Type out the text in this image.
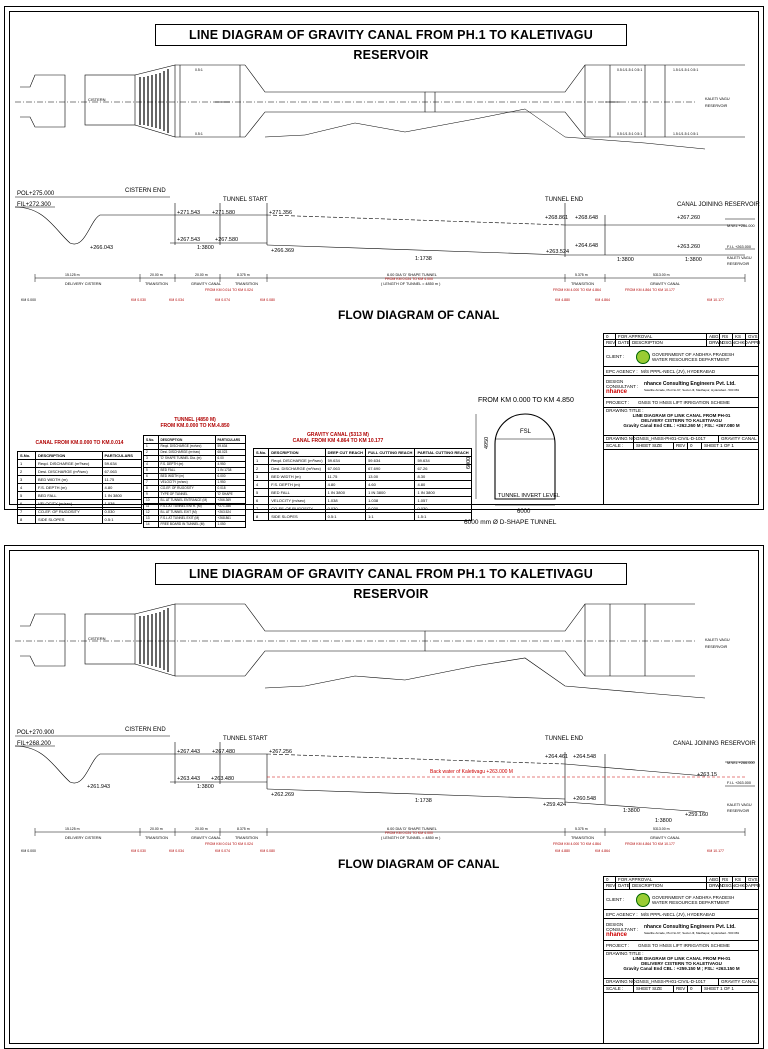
LINE DIAGRAM OF GRAVITY CANAL FROM PH.1 TO KALETIVAGU RESERVOIR
CISTERN
0.5:1
0.5:1
0.5:1/1.5:1 0.5:1
0.5:1/1.5:1 0.5:1
1.5:1/1.5:1 0.5:1
1.5:1/1.5:1 0.5:1
KALETI VAGU
RESERVOIR
POL+275.000
FIL+272.300
CISTERN END
TUNNEL START	TUNNEL END
CANAL JOINING RESERVOIR
+271.543 +271.580	+271.356
+268.861 +268.648	+267.260
+267.543	+267.580
+266.043	+266.369	+263.524
+264.648	+263.260
1:3800
1:1738	1:3800	1:3800
M.W.L +266.000
F.I.L +263.000
KALETI VAGU
RESERVOIR
15.125 m	20.00 m	20.00 m	8.375 m	5.375 m	5313.00 m
DELIVERY CISTERN	TRANSITION	GRAVITY CANAL	TRANSITION
6.00 DIA 'D' SHAPE TUNNEL
( LENGTH OF TUNNEL = 4850 m )	TRANSITION	GRAVITY CANAL
FROM KM 0.014 TO KM 0.024
FROM KM 0.024 TO KM 4.000
FROM KM 4.000 TO KM 4.864	FROM KM 4.864 TO KM 10.177
KM 0.000	KM 0.030	KM 0.034	KM 0.074	KM 0.080	KM 4.880	KM 4.864	KM 10.177
FLOW DIAGRAM OF CANAL
CANAL FROM KM.0.000 TO KM.0.014
S.No.	DESCRIPTION	PARTICULARS
1	Reqd. DISCHARGE (m³/sec)	59.634
2	Desi. DISCHARGE (m³/sec)	67.063
3	BED WIDTH (m)	11.75
4	F.S. DEPTH (m)	4.80
5	BED FALL	1 IN 3800
6	VELOCITY (m/sec)	1.038
7	CO-EF. OF RUGOSITY	0.030
8	SIDE SLOPES	0.5:1
TUNNEL (4850 M)
FROM KM.0.000 TO KM.4.850
S.No.	DESCRIPTION	PARTICULARS
1	Reqd. DISCHARGE (m³/sec)	59.634
2	Desi. DISCHARGE (m³/sec)	68.023
3	'D' SHAPE TUNNEL Dia. (m)	6.00
4	F.S. DEPTH (m)	4.950
5	BED FALL	1 IN 1738
6	BED WIDTH (m)	6.000
7	VELOCITY (m/sec)	1.950
8	CO-EF. OF RUGOSITY	0.018
9	TYPE OF TUNNEL	'D' SHAPE
10	B.L AT TUNNEL ENTRANCE (M)	+266.369
11	F.S.L AT TUNNEL ENTR. (M)	+271.356
12	B.L AT TUNNEL EXIT (M)	+263.524
13	F.S.L AT TUNNEL EXIT (M)	+268.861
14	FREE BOARD IN TUNNEL (M)	1.050
GRAVITY CANAL (5313 M)
CANAL FROM KM 4.864 TO KM 10.177
S.No.	DESCRIPTION	DEEP CUT REACH	FULL CUTTING REACH	PARTIAL CUTTING REACH
1	Reqd. DISCHARGE (m³/sec)	59.634	59.634	59.634
2	Desi. DISCHARGE (m³/sec)	67.063	67.690	67.26
3	BED WIDTH (m)	11.75	13.00	8.30
4	F.S. DEPTH (m)	4.80	4.60	4.80
5	BED FALL	1 IN 3800	1 IN 3800	1 IN 3800
6	VELOCITY (m/sec)	1.038	1.038	1.057
7	CO-EF. OF RUGOSITY	0.030	0.030	0.030
8	SIDE SLOPES	0.5:1	1:1	1.5:1
FROM KM 0.000 TO KM 4.850
FSL
TUNNEL INVERT LEVEL
6000
6000
4950
6000 mm Ø D-SHAPE TUNNEL
0	FOR APPROVAL	ABG RS	KS	GVS
REV DATE DESCRIPTION	DRWN DSGN CHKD APPD
CLIENT :	GOVERNMENT OF ANDHRA PRADESH
WATER RESOURCES DEPARTMENT
EPC AGENCY : M/S PPPL-NECL (JV), HYDERABAD
DESIGN CONSULTANT :
nhance
nhance Consulting Engineers Pvt. Ltd.
Satellite Arcade, Plot No.97, Sector-III, Madhapur, Hyderabad - 500 081
PROJECT :	GNSS TO HNSS LIFT IRRIGATION SCHEME
DRAWING TITLE :
LINE DIAGRAM OF LINK CANAL FROM PH-01
DELIVERY CISTERN TO KALETIVAGU
Gravity Canal End CBL : +262.260 M ; FSL: +267.080 M
DRAWING NO. :
GNSS_HNSS-PH01-CIVIL-D-1017	GRAVITY CANAL
SCALE :	SHEET SIZE	REV : 0	SHEET 1 OF 1
LINE DIAGRAM OF GRAVITY CANAL FROM PH.1 TO KALETIVAGU RESERVOIR
CISTERN	KALETI VAGU
RESERVOIR
Back water of Kaletivagu +263.000 M
POL+270.900
FIL+268.200
CISTERN END
TUNNEL START	TUNNEL END
CANAL JOINING RESERVOIR
+267.443 +267.480	+267.256
+264.461 +264.548
+263.443 +263.480
+261.943
+262.269
+259.424
+260.548
+263.15
+259.160
1:3800
1:1738
1:3800
1:3800
M.W.L +266.000
F.I.L +263.000
KALETI VAGU
RESERVOIR
15.125 m	20.00 m	20.00 m	8.375 m	5.375 m	5313.00 m
DELIVERY CISTERN	TRANSITION	GRAVITY CANAL	TRANSITION
6.00 DIA 'D' SHAPE TUNNEL
( LENGTH OF TUNNEL = 4850 m )	TRANSITION	GRAVITY CANAL
FROM KM 0.014 TO KM 0.024
FROM KM 0.024 TO KM 4.000
FROM KM 4.000 TO KM 4.864	FROM KM 4.864 TO KM 10.177
KM 0.000	KM 0.030	KM 0.034	KM 0.074	KM 0.080	KM 4.880	KM 4.864	KM 10.177
FLOW DIAGRAM OF CANAL
0	FOR APPROVAL	ABG RS	KS	GVS
REV DATE DESCRIPTION	DRWN DSGN CHKD APPD
CLIENT :	GOVERNMENT OF ANDHRA PRADESH
WATER RESOURCES DEPARTMENT
EPC AGENCY : M/S PPPL-NECL (JV), HYDERABAD
DESIGN CONSULTANT :
nhance
nhance Consulting Engineers Pvt. Ltd.
Satellite Arcade, Plot No.97, Sector-III, Madhapur, Hyderabad - 500 081
PROJECT :	GNSS TO HNSS LIFT IRRIGATION SCHEME
DRAWING TITLE :
LINE DIAGRAM OF LINK CANAL FROM PH-01
DELIVERY CISTERN TO KALETIVAGU
Gravity Canal End CBL : +259.150 M ; FSL: +263.150 M
DRAWING NO. :
GNSS_HNSS-PH01-CIVIL-D-1017	GRAVITY CANAL
SCALE :	SHEET SIZE	REV : 0	SHEET 1 OF 1
